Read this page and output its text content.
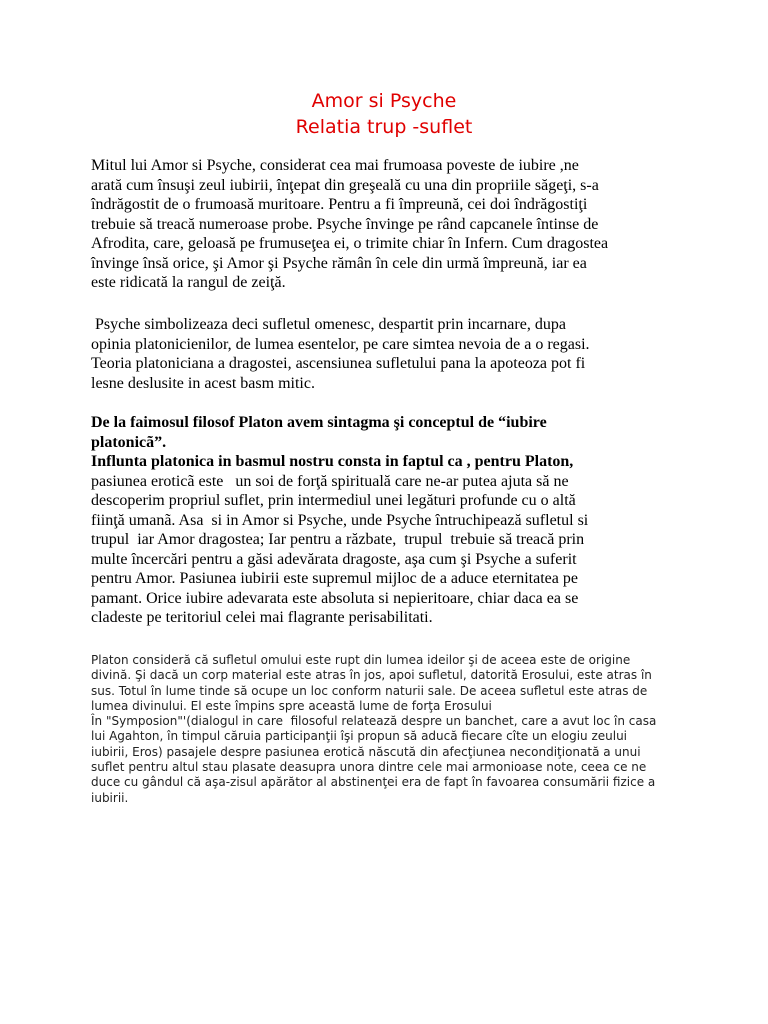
Amor si Psyche
Relatia trup -suflet

Mitul lui Amor si Psyche, considerat cea mai frumoasa poveste de iubire ,ne
arată cum însuşi zeul iubirii, înţepat din greşeală cu una din propriile săgeţi, s-a
îndrăgostit de o frumoasă muritoare. Pentru a fi împreună, cei doi îndrăgostiţi
trebuie să treacă numeroase probe. Psyche învinge pe rând capcanele întinse de
Afrodita, care, geloasă pe frumuseţea ei, o trimite chiar în Infern. Cum dragostea
învinge însă orice, şi Amor şi Psyche rămân în cele din urmă împreună, iar ea
este ridicată la rangul de zeiţă.

Psyche simbolizeaza deci sufletul omenesc, despartit prin incarnare, dupa
opinia platonicienilor, de lumea esentelor, pe care simtea nevoia de a o regasi.
Teoria platoniciana a dragostei, ascensiunea sufletului pana la apoteoza pot fi
lesne deslusite in acest basm mitic.

De la faimosul filosof Platon avem sintagma şi conceptul de “iubire
platonicã”.
Influnta platonica in basmul nostru consta in faptul ca , pentru Platon,
pasiunea eroticã este   un soi de forţă spirituală care ne-ar putea ajuta să ne
descoperim propriul suflet, prin intermediul unei legături profunde cu o altă
fiinţă umanã. Asa  si in Amor si Psyche, unde Psyche întruchipează sufletul si
trupul  iar Amor dragostea; Iar pentru a răzbate,  trupul  trebuie să treacă prin
multe încercări pentru a găsi adevărata dragoste, aşa cum şi Psyche a suferit
pentru Amor. Pasiunea iubirii este supremul mijloc de a aduce eternitatea pe
pamant. Orice iubire adevarata este absoluta si nepieritoare, chiar daca ea se
cladeste pe teritoriul celei mai flagrante perisabilitati.

Platon consideră că sufletul omului este rupt din lumea ideilor şi de aceea este de origine
divină. Şi dacă un corp material este atras în jos, apoi sufletul, datorită Erosului, este atras în
sus. Totul în lume tinde să ocupe un loc conform naturii sale. De aceea sufletul este atras de
lumea divinului. El este împins spre această lume de forţa Erosului
În "Symposion"'(dialogul in care  filosoful relatează despre un banchet, care a avut loc în casa
lui Agahton, în timpul căruia participanţii îşi propun să aducă fiecare cîte un elogiu zeului
iubirii, Eros) pasajele despre pasiunea erotică născută din afecţiunea necondiţionată a unui
suflet pentru altul stau plasate deasupra unora dintre cele mai armonioase note, ceea ce ne
duce cu gândul că aşa-zisul apărător al abstinenţei era de fapt în favoarea consumării fizice a
iubirii.
